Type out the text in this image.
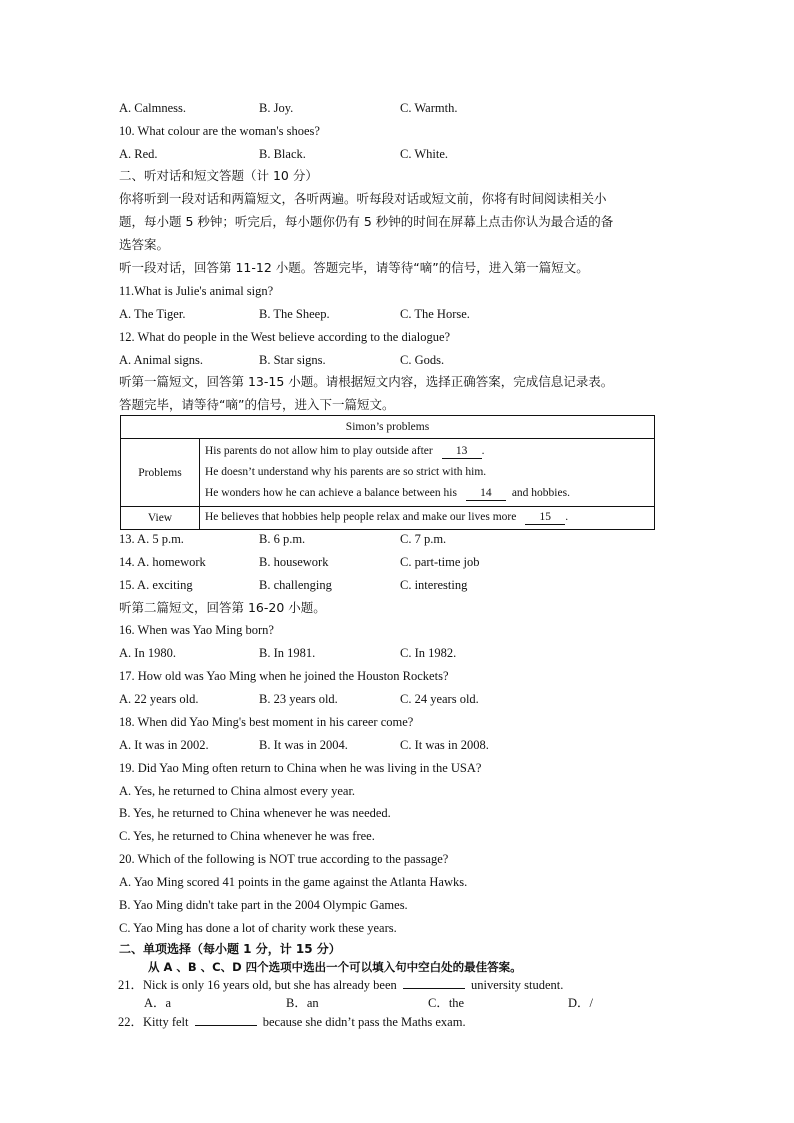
A. Calmness.	B. Joy.	C. Warmth.
10. What colour are the woman's shoes?
A. Red.	B. Black.	C. White.
二、听对话和短文答题（计 10 分）
你将听到一段对话和两篇短文，各听两遍。听每段对话或短文前，你将有时间阅读相关小
题，每小题 5 秒钟；听完后，每小题你仍有 5 秒钟的时间在屏幕上点击你认为最合适的备
选答案。
听一段对话，回答第 11-12 小题。答题完毕，请等待“嘀”的信号，进入第一篇短文。
11.What is Julie's animal sign?
A. The Tiger.	B. The Sheep.	C. The Horse.
12. What do people in the West believe according to the dialogue?
A. Animal signs.	B. Star signs.	C. Gods.
听第一篇短文，回答第 13-15 小题。请根据短文内容，选择正确答案，完成信息记录表。
答题完毕，请等待“嘀”的信号，进入下一篇短文。
Simon’s problems	
Problems	His parents do not allow him to play outside after 13 .
He doesn’t understand why his parents are so strict with him.
He wonders how he can achieve a balance between his 14 and hobbies.

View	He believes that hobbies help people relax and make our lives more 15 .
13. A. 5 p.m.	B. 6 p.m.	C. 7 p.m.
14. A. homework	B. housework	C. part-time job
15. A. exciting	B. challenging	C. interesting
听第二篇短文，回答第 16-20 小题。
16. When was Yao Ming born?
A. In 1980.	B. In 1981.	C. In 1982.
17. How old was Yao Ming when he joined the Houston Rockets?
A. 22 years old.	B. 23 years old.	C. 24 years old.
18. When did Yao Ming's best moment in his career come?
A. It was in 2002.	B. It was in 2004.	C. It was in 2008.
19. Did Yao Ming often return to China when he was living in the USA?
A. Yes, he returned to China almost every year.
B. Yes, he returned to China whenever he was needed.
C. Yes, he returned to China whenever he was free.
20. Which of the following is NOT true according to the passage?
A. Yao Ming scored 41 points in the game against the Atlanta Hawks.
B. Yao Ming didn't take part in the 2004 Olympic Games.
C. Yao Ming has done a lot of charity work these years.
二、单项选择（每小题 1 分，计 15 分）
从 A 、B 、C、D 四个选项中选出一个可以填入句中空白处的最佳答案。
21．Nick is only 16 years old, but she has already been	university student.
A．a	B．an	C．the	D．/
22．Kitty felt	because she didn’t pass the Maths exam.
